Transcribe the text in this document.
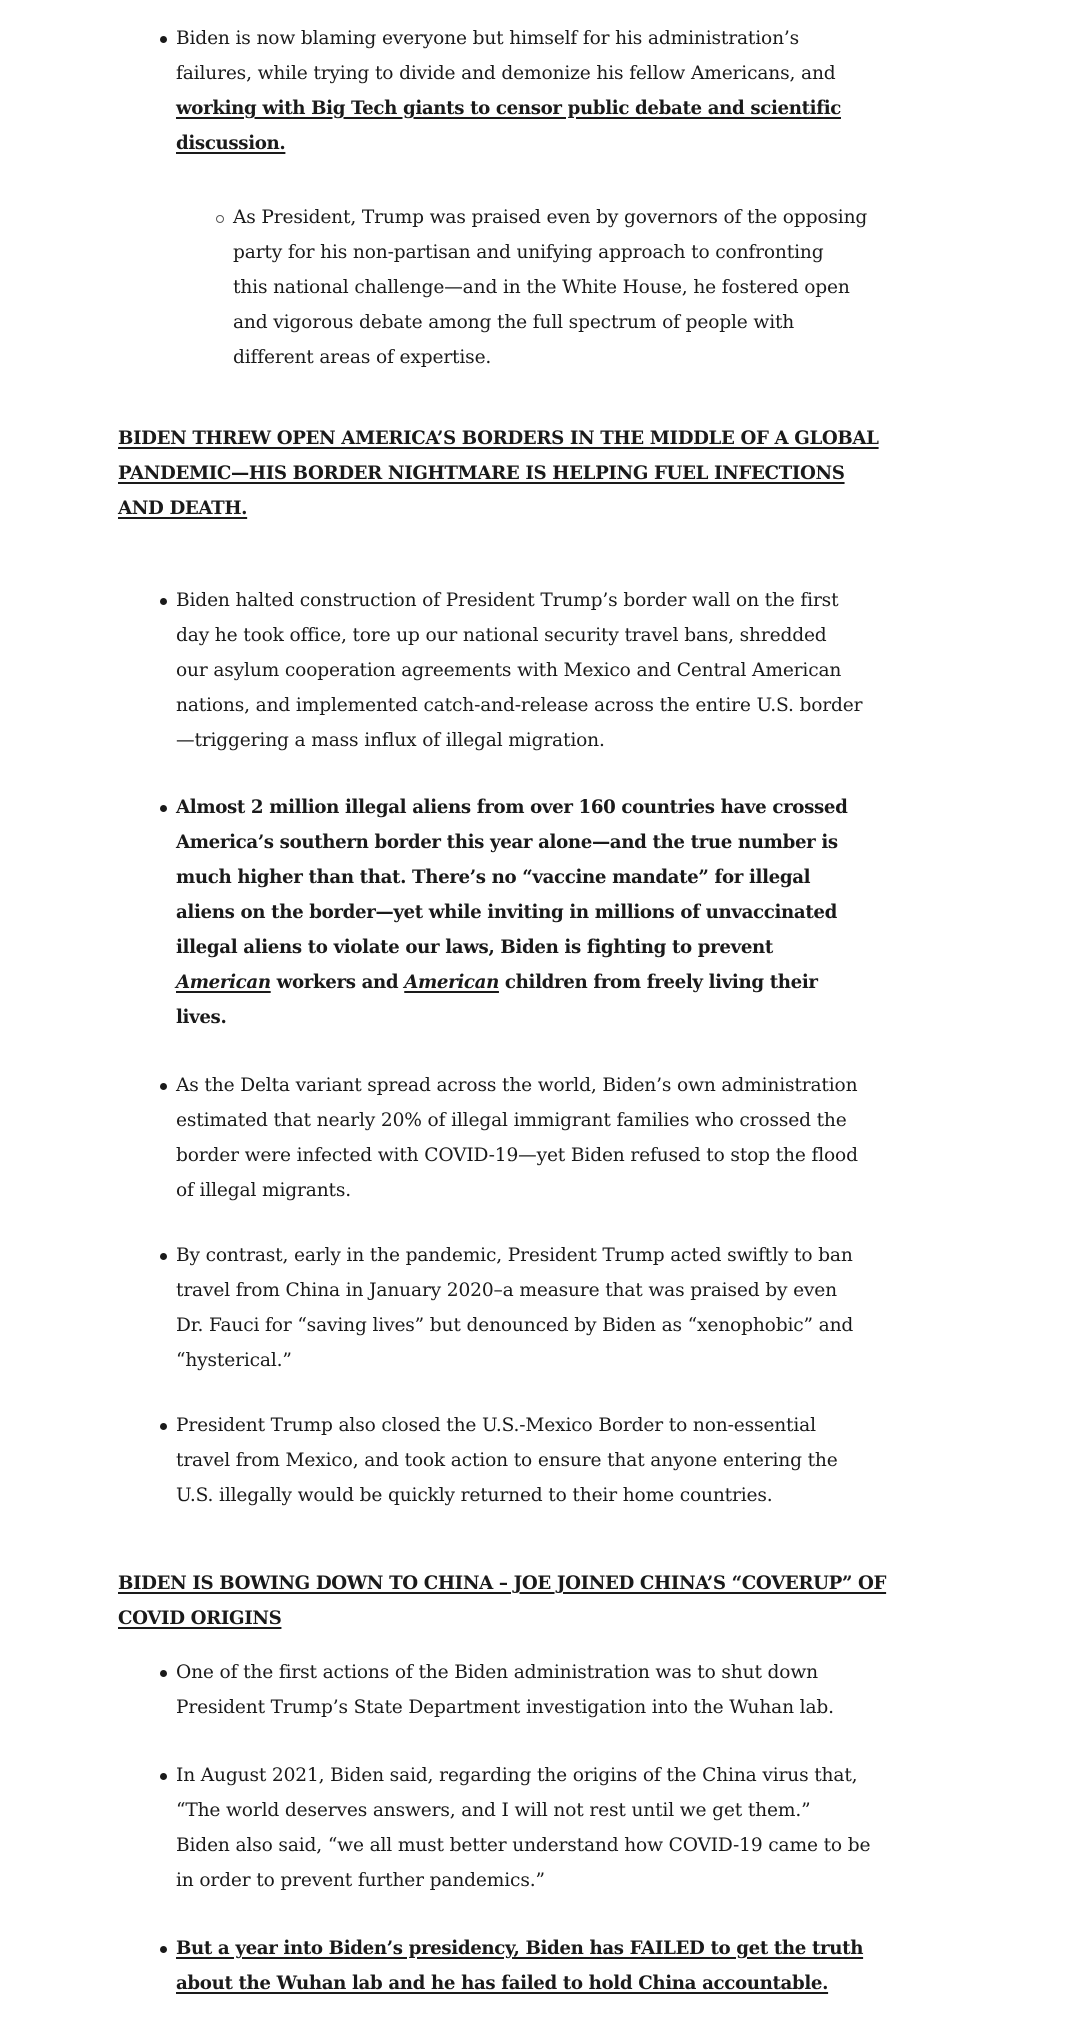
Biden is now blaming everyone but himself for his administration’s
failures, while trying to divide and demonize his fellow Americans, and
working with Big Tech giants to censor public debate and scientific
discussion.
As President, Trump was praised even by governors of the opposing
party for his non-partisan and unifying approach to confronting
this national challenge—and in the White House, he fostered open
and vigorous debate among the full spectrum of people with
different areas of expertise.
BIDEN THREW OPEN AMERICA’S BORDERS IN THE MIDDLE OF A GLOBAL
PANDEMIC—HIS BORDER NIGHTMARE IS HELPING FUEL INFECTIONS
AND DEATH.
Biden halted construction of President Trump’s border wall on the first
day he took office, tore up our national security travel bans, shredded
our asylum cooperation agreements with Mexico and Central American
nations, and implemented catch-and-release across the entire U.S. border
—triggering a mass influx of illegal migration.
Almost 2 million illegal aliens from over 160 countries have crossed
America’s southern border this year alone—and the true number is
much higher than that. There’s no “vaccine mandate” for illegal
aliens on the border—yet while inviting in millions of unvaccinated
illegal aliens to violate our laws, Biden is fighting to prevent
American workers and American children from freely living their
lives.
As the Delta variant spread across the world, Biden’s own administration
estimated that nearly 20% of illegal immigrant families who crossed the
border were infected with COVID-19—yet Biden refused to stop the flood
of illegal migrants.
By contrast, early in the pandemic, President Trump acted swiftly to ban
travel from China in January 2020–a measure that was praised by even
Dr. Fauci for “saving lives” but denounced by Biden as “xenophobic” and
“hysterical.”
President Trump also closed the U.S.-Mexico Border to non-essential
travel from Mexico, and took action to ensure that anyone entering the
U.S. illegally would be quickly returned to their home countries.
BIDEN IS BOWING DOWN TO CHINA – JOE JOINED CHINA’S “COVERUP” OF
COVID ORIGINS
One of the first actions of the Biden administration was to shut down
President Trump’s State Department investigation into the Wuhan lab.
In August 2021, Biden said, regarding the origins of the China virus that,
“The world deserves answers, and I will not rest until we get them.”
Biden also said, “we all must better understand how COVID-19 came to be
in order to prevent further pandemics.”
But a year into Biden’s presidency, Biden has FAILED to get the truth
about the Wuhan lab and he has failed to hold China accountable.
